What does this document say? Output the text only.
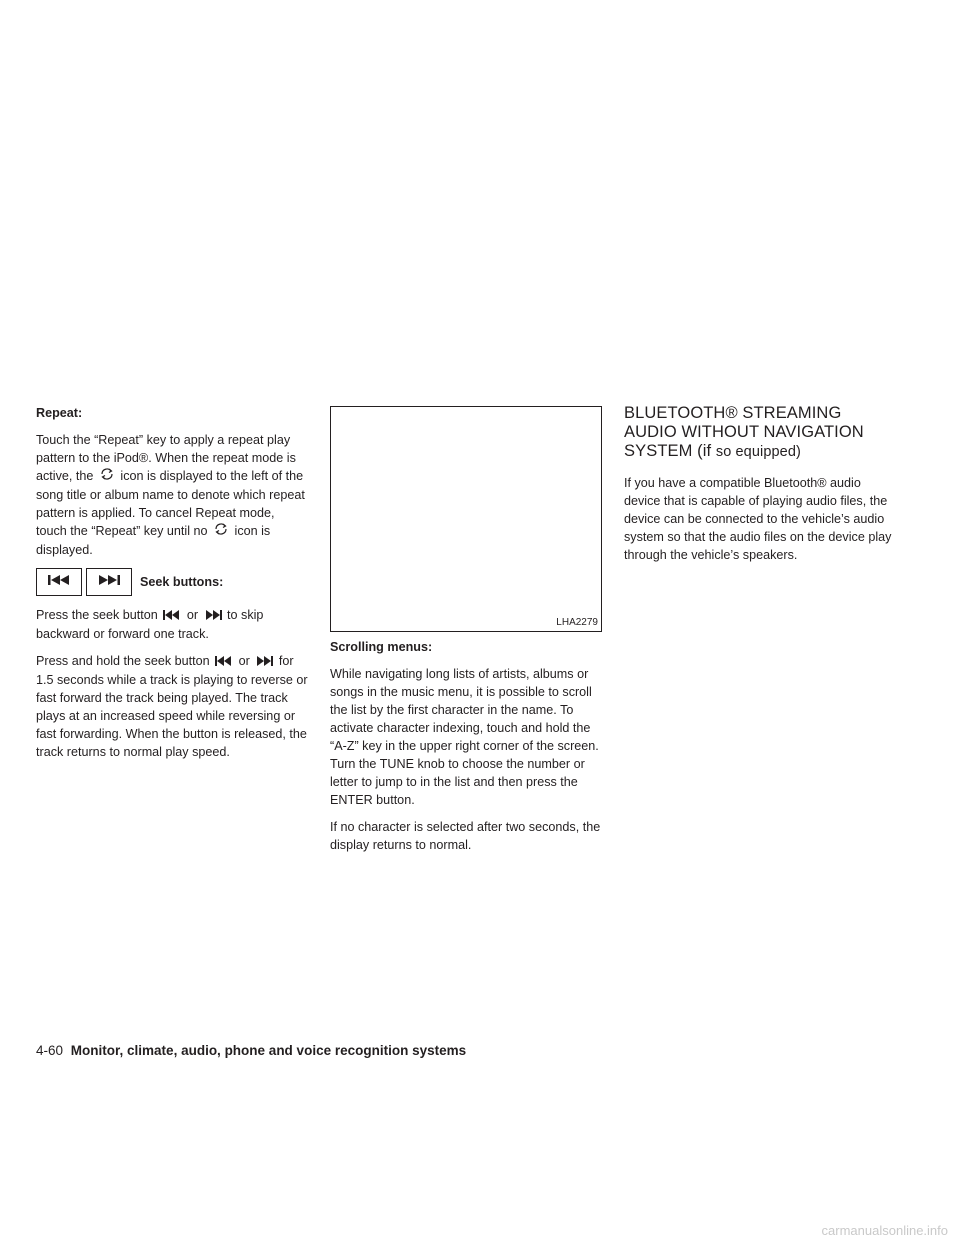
Repeat:

Touch the “Repeat” key to apply a repeat play pattern to the iPod®. When the repeat mode is active, the icon is displayed to the left of the song title or album name to denote which repeat pattern is applied. To cancel Repeat mode, touch the “Repeat” key until no icon is displayed.

Seek buttons:

Press the seek button or to skip backward or forward one track.

Press and hold the seek button or for 1.5 seconds while a track is playing to reverse or fast forward the track being played. The track plays at an increased speed while reversing or fast forwarding. When the button is released, the track returns to normal play speed.

LHA2279

Scrolling menus:

While navigating long lists of artists, albums or songs in the music menu, it is possible to scroll the list by the first character in the name. To activate character indexing, touch and hold the “A-Z” key in the upper right corner of the screen. Turn the TUNE knob to choose the number or letter to jump to in the list and then press the ENTER button.

If no character is selected after two seconds, the display returns to normal.

BLUETOOTH® STREAMING AUDIO WITHOUT NAVIGATION SYSTEM (if so equipped)

If you have a compatible Bluetooth® audio device that is capable of playing audio files, the device can be connected to the vehicle’s audio system so that the audio files on the device play through the vehicle’s speakers.

4-60 Monitor, climate, audio, phone and voice recognition systems
carmanualsonline.info
